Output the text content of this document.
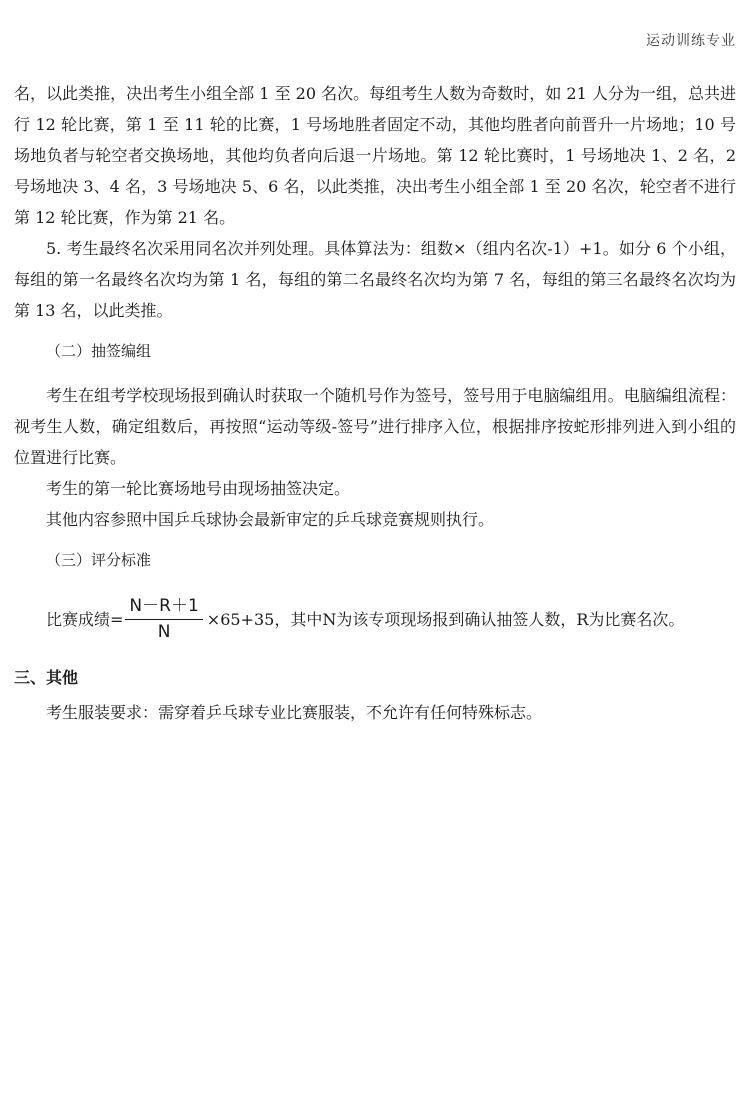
运动训练专业

名，以此类推，决出考生小组全部 1 至 20 名次。每组考生人数为奇数时，如 21 人分为一组，总共进行 12 轮比赛，第 1 至 11 轮的比赛，1 号场地胜者固定不动，其他均胜者向前晋升一片场地；10 号场地负者与轮空者交换场地，其他均负者向后退一片场地。第 12 轮比赛时，1 号场地决 1、2 名，2 号场地决 3、4 名，3 号场地决 5、6 名，以此类推，决出考生小组全部 1 至 20 名次，轮空者不进行第 12 轮比赛，作为第 21 名。

5. 考生最终名次采用同名次并列处理。具体算法为：组数×（组内名次-1）+1。如分 6 个小组，每组的第一名最终名次均为第 1 名，每组的第二名最终名次均为第 7 名，每组的第三名最终名次均为第 13 名，以此类推。

（二）抽签编组

考生在组考学校现场报到确认时获取一个随机号作为签号，签号用于电脑编组用。电脑编组流程：视考生人数，确定组数后，再按照“运动等级-签号”进行排序入位，根据排序按蛇形排列进入到小组的位置进行比赛。

考生的第一轮比赛场地号由现场抽签决定。

其他内容参照中国乒乓球协会最新审定的乒乓球竞赛规则执行。

（三）评分标准
比赛成绩= $\frac{N-R+1}{N} \times 65+35$，其中N为该专项现场报到确认抽签人数，R为比赛名次。
三、其他

考生服装要求：需穿着乒乓球专业比赛服装，不允许有任何特殊标志。
